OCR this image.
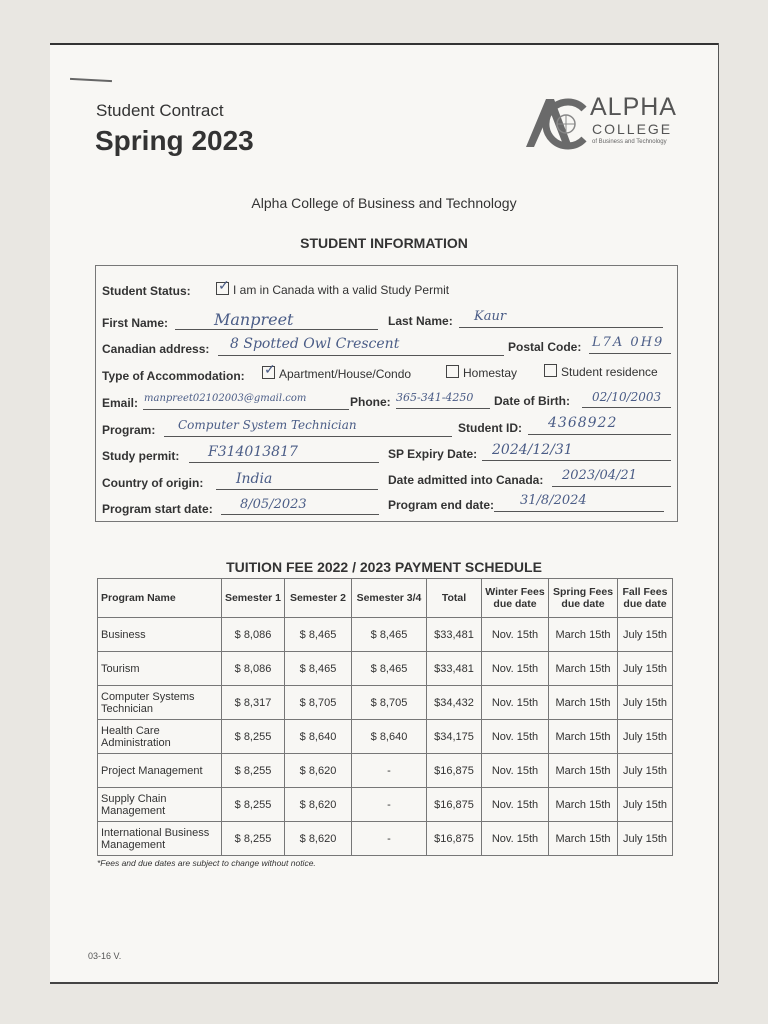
Student Contract
Spring 2023
ALPHA
COLLEGE
of Business and Technology
Alpha College of Business and Technology
STUDENT INFORMATION
Student Status: ✓ I am in Canada with a valid Study Permit
First Name:	Manpreet	Last Name: Kaur
Canadian address: 8 Spotted Owl Crescent	Postal Code: L7A 0H9
Type of Accommodation: ✓ Apartment/House/Condo	Homestay	Student residence
Email: manpreet02102003@gmail.com	Phone: 365-341-4250 Date of Birth: 02/10/2003
Program: Computer System Technician	Student ID: 4368922
Study permit: F314013817	SP Expiry Date: 2024/12/31
Country of origin: India	Date admitted into Canada: 2023/04/21
Program start date: 8/05/2023	Program end date: 31/8/2024
TUITION FEE 2022 / 2023 PAYMENT SCHEDULE
Program Name	Semester 1	Semester 2	Semester 3/4	Total	Winter Fees due date	Spring Fees due date	Fall Fees due date
Business	$ 8,086	$ 8,465	$ 8,465	$33,481	Nov. 15th	March 15th	July 15th
Tourism	$ 8,086	$ 8,465	$ 8,465	$33,481	Nov. 15th	March 15th	July 15th
Computer Systems Technician	$ 8,317	$ 8,705	$ 8,705	$34,432	Nov. 15th	March 15th	July 15th
Health Care Administration	$ 8,255	$ 8,640	$ 8,640	$34,175	Nov. 15th	March 15th	July 15th
Project Management	$ 8,255	$ 8,620	-	$16,875	Nov. 15th	March 15th	July 15th
Supply Chain Management	$ 8,255	$ 8,620	-	$16,875	Nov. 15th	March 15th	July 15th
International Business Management	$ 8,255	$ 8,620	-	$16,875	Nov. 15th	March 15th	July 15th
*Fees and due dates are subject to change without notice.
03-16 V.
